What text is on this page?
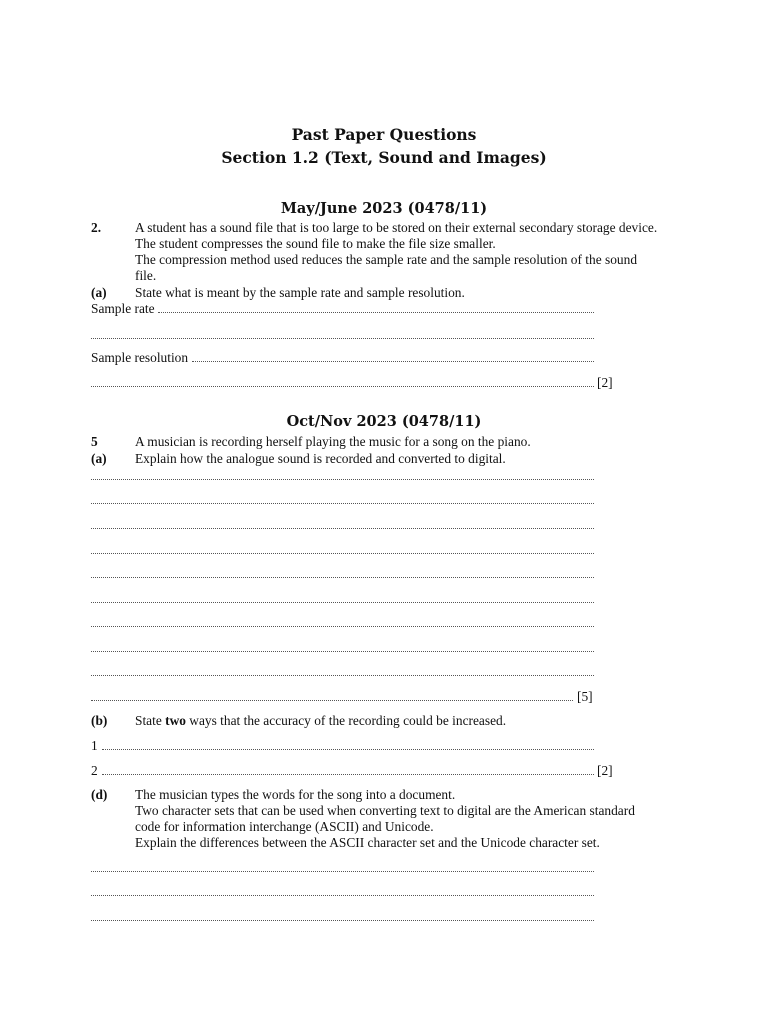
Past Paper Questions
Section 1.2 (Text, Sound and Images)
May/June 2023 (0478/11)
2.	A student has a sound file that is too large to be stored on their external secondary storage device.
The student compresses the sound file to make the file size smaller.
The compression method used reduces the sample rate and the sample resolution of the sound
file.
(a) State what is meant by the sample rate and sample resolution.
Sample rate
Sample resolution
[2]
Oct/Nov 2023 (0478/11)
5	A musician is recording herself playing the music for a song on the piano.
(a) Explain how the analogue sound is recorded and converted to digital.
[5]
(b) State two ways that the accuracy of the recording could be increased.
1
2	[2]
(d) The musician types the words for the song into a document.
Two character sets that can be used when converting text to digital are the American standard
code for information interchange (ASCII) and Unicode.
Explain the differences between the ASCII character set and the Unicode character set.
